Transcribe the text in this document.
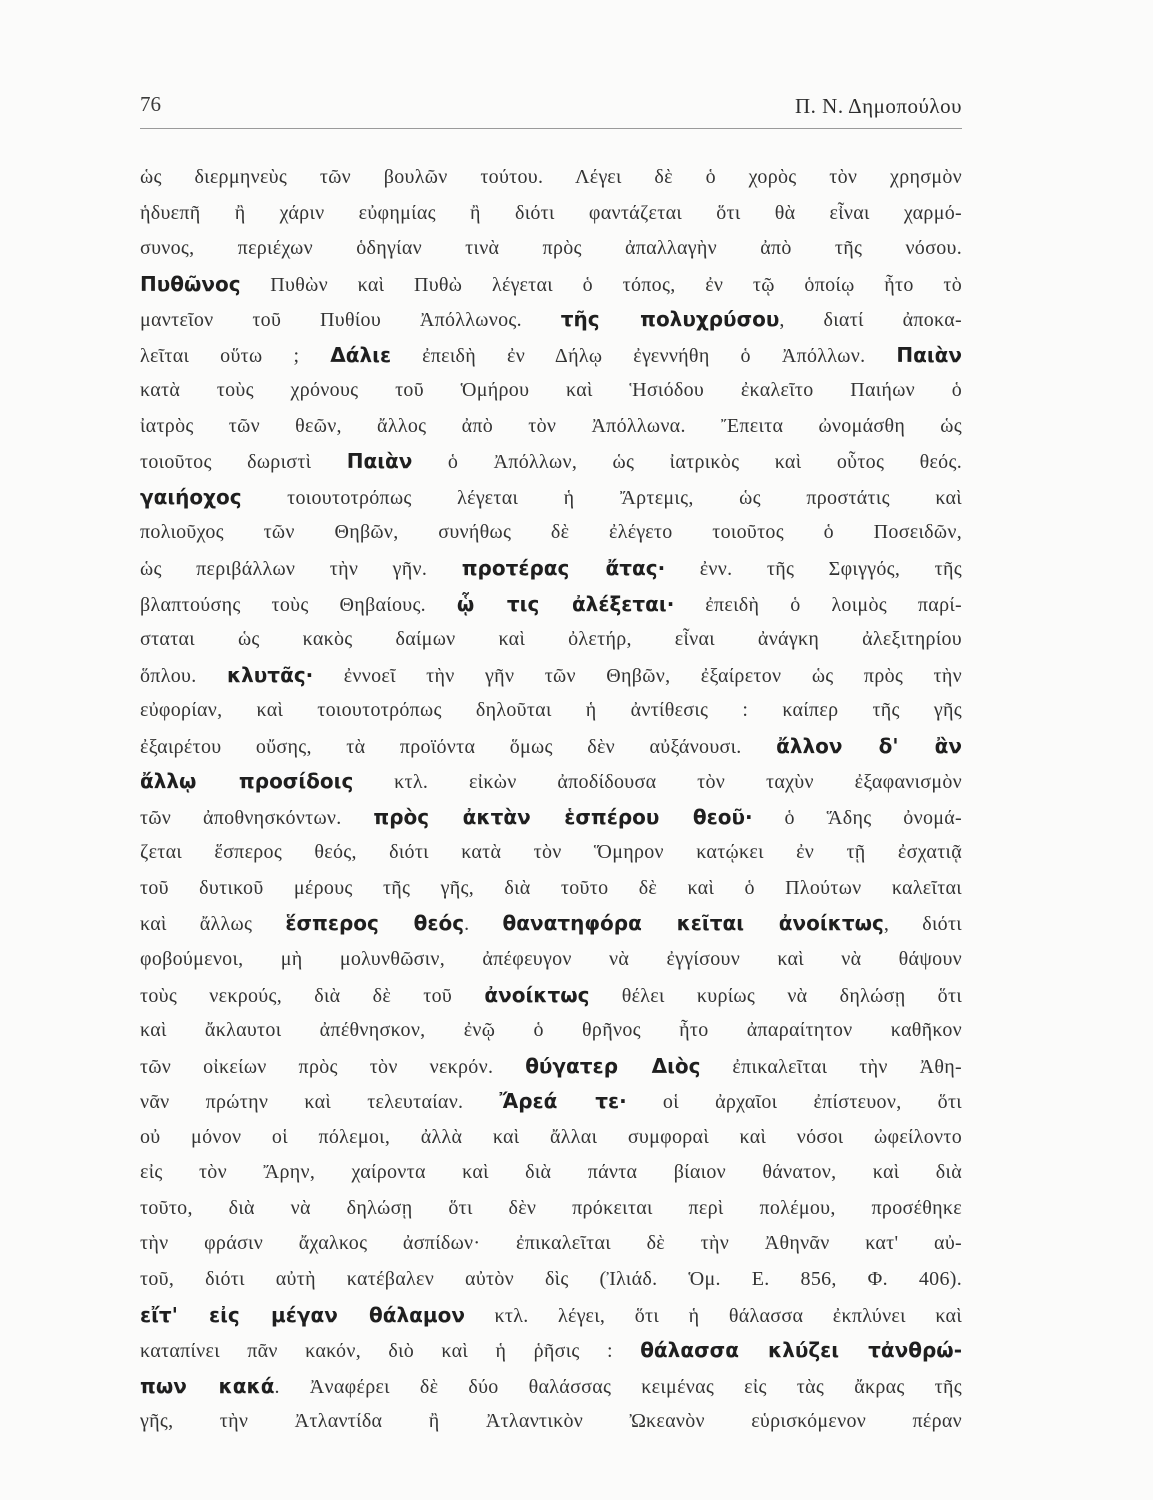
76	Π. Ν. Δημοπούλου
ὡς διερμηνεὺς τῶν βουλῶν τούτου. Λέγει δὲ ὁ χορὸς τὸν χρησμὸν
ἡδυεπῆ ἢ χάριν εὐφημίας ἢ διότι φαντάζεται ὅτι θὰ εἶναι χαρμό-
συνος, περιέχων ὁδηγίαν τινὰ πρὸς ἀπαλλαγὴν ἀπὸ τῆς νόσου.
Πυθῶνος Πυθὼν καὶ Πυθὼ λέγεται ὁ τόπος, ἐν τῷ ὁποίῳ ἦτο τὸ
μαντεῖον τοῦ Πυθίου Ἀπόλλωνος. τῆς πολυχρύσου, διατί ἀποκα-
λεῖται οὕτω ; Δάλιε ἐπειδὴ ἐν Δήλῳ ἐγεννήθη ὁ Ἀπόλλων. Παιὰν
κατὰ τοὺς χρόνους τοῦ Ὁμήρου καὶ Ἡσιόδου ἐκαλεῖτο Παιήων ὁ
ἰατρὸς τῶν θεῶν, ἄλλος ἀπὸ τὸν Ἀπόλλωνα. Ἔπειτα ὠνομάσθη ὡς
τοιοῦτος δωριστὶ Παιὰν ὁ Ἀπόλλων, ὡς ἰατρικὸς καὶ οὗτος θεός.
γαιήοχος τοιουτοτρόπως λέγεται ἡ Ἄρτεμις, ὡς προστάτις καὶ
πολιοῦχος τῶν Θηβῶν, συνήθως δὲ ἐλέγετο τοιοῦτος ὁ Ποσειδῶν,
ὡς περιβάλλων τὴν γῆν. προτέρας ἄτας· ἐνν. τῆς Σφιγγός, τῆς
βλαπτούσης τοὺς Θηβαίους. ᾧ τις ἀλέξεται· ἐπειδὴ ὁ λοιμὸς παρί-
σταται ὡς κακὸς δαίμων καὶ ὀλετήρ, εἶναι ἀνάγκη ἀλεξιτηρίου
ὅπλου. κλυτᾶς· ἐννοεῖ τὴν γῆν τῶν Θηβῶν, ἐξαίρετον ὡς πρὸς τὴν
εὐφορίαν, καὶ τοιουτοτρόπως δηλοῦται ἡ ἀντίθεσις : καίπερ τῆς γῆς
ἐξαιρέτου οὔσης, τὰ προϊόντα ὅμως δὲν αὐξάνουσι. ἄλλον δ' ἂν
ἄλλῳ προσίδοις κτλ. εἰκὼν ἀποδίδουσα τὸν ταχὺν ἐξαφανισμὸν
τῶν ἀποθνησκόντων. πρὸς ἀκτὰν ἑσπέρου θεοῦ· ὁ Ἅδης ὀνομά-
ζεται ἕσπερος θεός, διότι κατὰ τὸν Ὅμηρον κατῴκει ἐν τῇ ἐσχατιᾷ
τοῦ δυτικοῦ μέρους τῆς γῆς, διὰ τοῦτο δὲ καὶ ὁ Πλούτων καλεῖται
καὶ ἄλλως ἕσπερος θεός. θανατηφόρα κεῖται ἀνοίκτως, διότι
φοβούμενοι, μὴ μολυνθῶσιν, ἀπέφευγον νὰ ἐγγίσουν καὶ νὰ θάψουν
τοὺς νεκρούς, διὰ δὲ τοῦ ἀνοίκτως θέλει κυρίως νὰ δηλώσῃ ὅτι
καὶ ἄκλαυτοι ἀπέθνησκον, ἐνῷ ὁ θρῆνος ἦτο ἀπαραίτητον καθῆκον
τῶν οἰκείων πρὸς τὸν νεκρόν. θύγατερ Διὸς ἐπικαλεῖται τὴν Ἀθη-
νᾶν πρώτην καὶ τελευταίαν. Ἄρεά τε· οἱ ἀρχαῖοι ἐπίστευον, ὅτι
οὐ μόνον οἱ πόλεμοι, ἀλλὰ καὶ ἄλλαι συμφοραὶ καὶ νόσοι ὠφείλοντο
εἰς τὸν Ἄρην, χαίροντα καὶ διὰ πάντα βίαιον θάνατον, καὶ διὰ
τοῦτο, διὰ νὰ δηλώσῃ ὅτι δὲν πρόκειται περὶ πολέμου, προσέθηκε
τὴν φράσιν ἄχαλκος ἀσπίδων· ἐπικαλεῖται δὲ τὴν Ἀθηνᾶν κατ' αὐ-
τοῦ, διότι αὐτὴ κατέβαλεν αὐτὸν δὶς (Ἰλιάδ. Ὁμ. Ε. 856, Φ. 406).
εἴτ' εἰς μέγαν θάλαμον κτλ. λέγει, ὅτι ἡ θάλασσα ἐκπλύνει καὶ
καταπίνει πᾶν κακόν, διὸ καὶ ἡ ῥῆσις : θάλασσα κλύζει τἀνθρώ-
πων κακά. Ἀναφέρει δὲ δύο θαλάσσας κειμένας εἰς τὰς ἄκρας τῆς
γῆς, τὴν Ἀτλαντίδα ἢ Ἀτλαντικὸν Ὠκεανὸν εὑρισκόμενον πέραν
